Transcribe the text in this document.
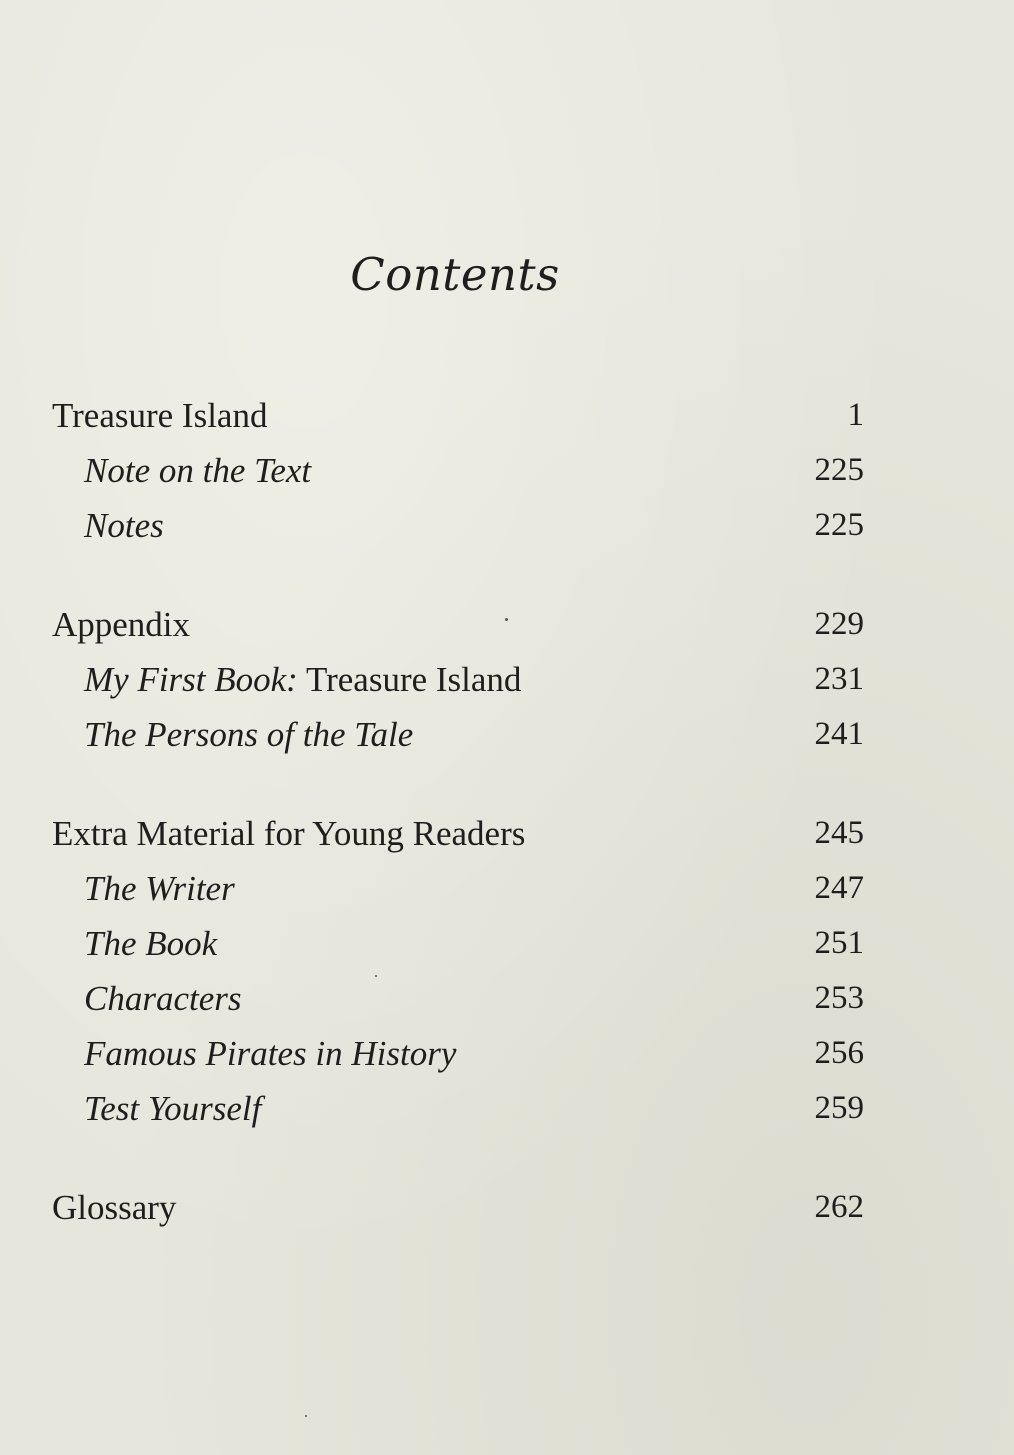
Contents
Treasure Island	1
Note on the Text	225
Notes	225
Appendix	229
My First Book: Treasure Island	231
The Persons of the Tale	241
Extra Material for Young Readers	245
The Writer	247
The Book	251
Characters	253
Famous Pirates in History	256
Test Yourself	259
Glossary	262
